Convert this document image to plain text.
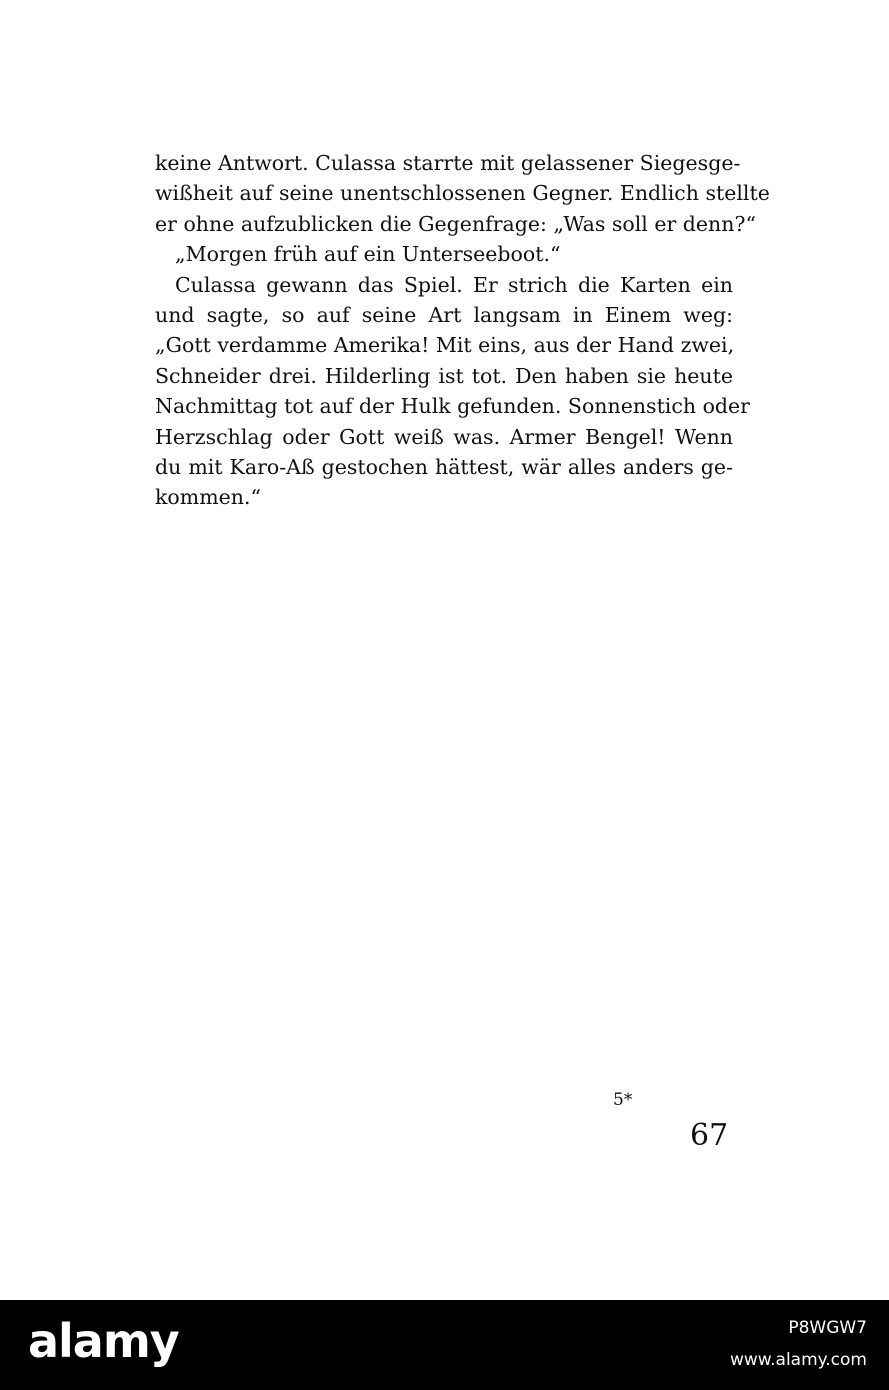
keine Antwort. Culassa starrte mit gelassener Siegesge-
wißheit auf seine unentschlossenen Gegner. Endlich stellte
er ohne aufzublicken die Gegenfrage: „Was soll er denn?“
„Morgen früh auf ein Unterseeboot.“
Culassa gewann das Spiel. Er strich die Karten ein
und sagte, so auf seine Art langsam in Einem weg:
„Gott verdamme Amerika! Mit eins, aus der Hand zwei,
Schneider drei. Hilderling ist tot. Den haben sie heute
Nachmittag tot auf der Hulk gefunden. Sonnenstich oder
Herzschlag oder Gott weiß was. Armer Bengel! Wenn
du mit Karo-Aß gestochen hättest, wär alles anders ge-
kommen.“
5*
67
alamy	P8WGW7
www.alamy.com
